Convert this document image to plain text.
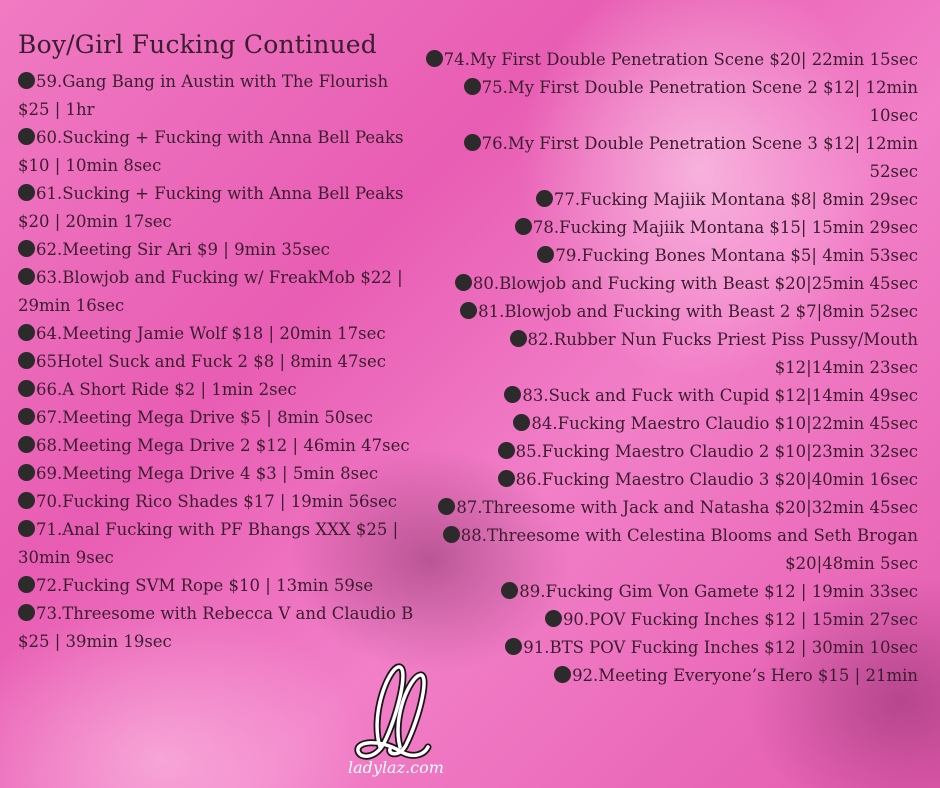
Boy/Girl Fucking Continued
59.Gang Bang in Austin with The Flourish $25 | 1hr
60.Sucking + Fucking with Anna Bell Peaks $10 | 10min 8sec
61.Sucking + Fucking with Anna Bell Peaks $20 | 20min 17sec
62.Meeting Sir Ari $9 | 9min 35sec
63.Blowjob and Fucking w/ FreakMob $22 | 29min 16sec
64.Meeting Jamie Wolf $18 | 20min 17sec
65Hotel Suck and Fuck 2 $8 | 8min 47sec
66.A Short Ride $2 | 1min 2sec
67.Meeting Mega Drive $5 | 8min 50sec
68.Meeting Mega Drive 2 $12 | 46min 47sec
69.Meeting Mega Drive 4 $3 | 5min 8sec
70.Fucking Rico Shades $17 | 19min 56sec
71.Anal Fucking with PF Bhangs XXX $25 | 30min 9sec
72.Fucking SVM Rope $10 | 13min 59se
73.Threesome with Rebecca V and Claudio B $25 | 39min 19sec
74.My First Double Penetration Scene $20| 22min 15sec
75.My First Double Penetration Scene 2 $12| 12min 10sec
76.My First Double Penetration Scene 3 $12| 12min 52sec
77.Fucking Majiik Montana $8| 8min 29sec
78.Fucking Majiik Montana $15| 15min 29sec
79.Fucking Bones Montana $5| 4min 53sec
80.Blowjob and Fucking with Beast $20|25min 45sec
81.Blowjob and Fucking with Beast 2 $7|8min 52sec
82.Rubber Nun Fucks Priest Piss Pussy/Mouth $12|14min 23sec
83.Suck and Fuck with Cupid $12|14min 49sec
84.Fucking Maestro Claudio $10|22min 45sec
85.Fucking Maestro Claudio 2 $10|23min 32sec
86.Fucking Maestro Claudio 3 $20|40min 16sec
87.Threesome with Jack and Natasha $20|32min 45sec
88.Threesome with Celestina Blooms and Seth Brogan $20|48min 5sec
89.Fucking Gim Von Gamete $12 | 19min 33sec
90.POV Fucking Inches $12 | 15min 27sec
91.BTS POV Fucking Inches $12 | 30min 10sec
92.Meeting Everyone’s Hero $15 | 21min
ladylaz.com
